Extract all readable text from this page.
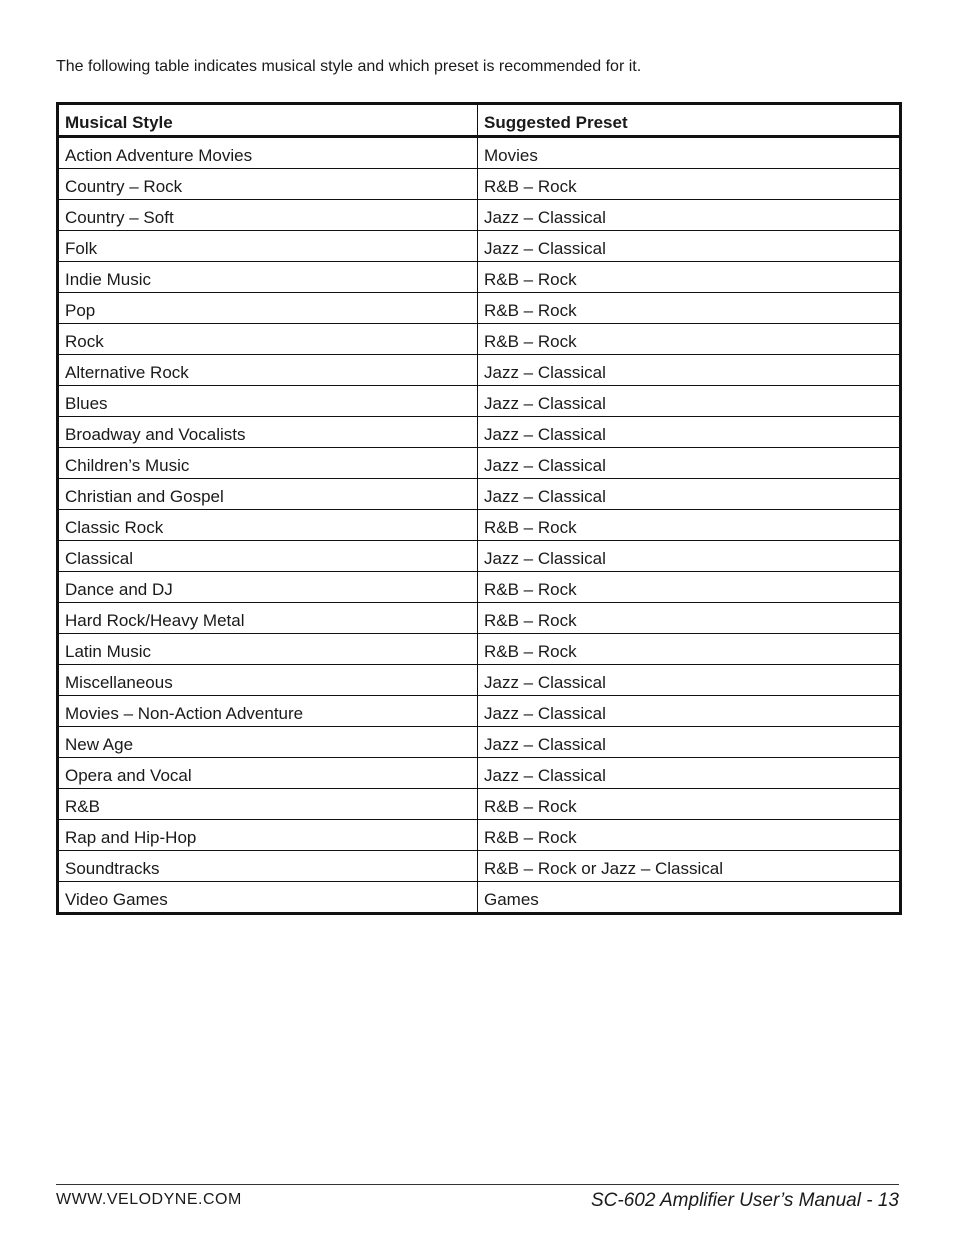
The following table indicates musical style and which preset is recommended for it.
Musical Style	Suggested Preset
Action Adventure Movies	Movies
Country – Rock	R&B – Rock
Country – Soft	Jazz – Classical
Folk	Jazz – Classical
Indie Music	R&B – Rock
Pop	R&B – Rock
Rock	R&B – Rock
Alternative Rock	Jazz – Classical
Blues	Jazz – Classical
Broadway and Vocalists	Jazz – Classical
Children’s Music	Jazz – Classical
Christian and Gospel	Jazz – Classical
Classic Rock	R&B – Rock
Classical	Jazz – Classical
Dance and DJ	R&B – Rock
Hard Rock/Heavy Metal	R&B – Rock
Latin Music	R&B – Rock
Miscellaneous	Jazz – Classical
Movies – Non-Action Adventure	Jazz – Classical
New Age	Jazz – Classical
Opera and Vocal	Jazz – Classical
R&B	R&B – Rock
Rap and Hip-Hop	R&B – Rock
Soundtracks	R&B – Rock or Jazz – Classical
Video Games	Games
WWW.VELODYNE.COM	SC-602 Amplifier User’s Manual - 13
